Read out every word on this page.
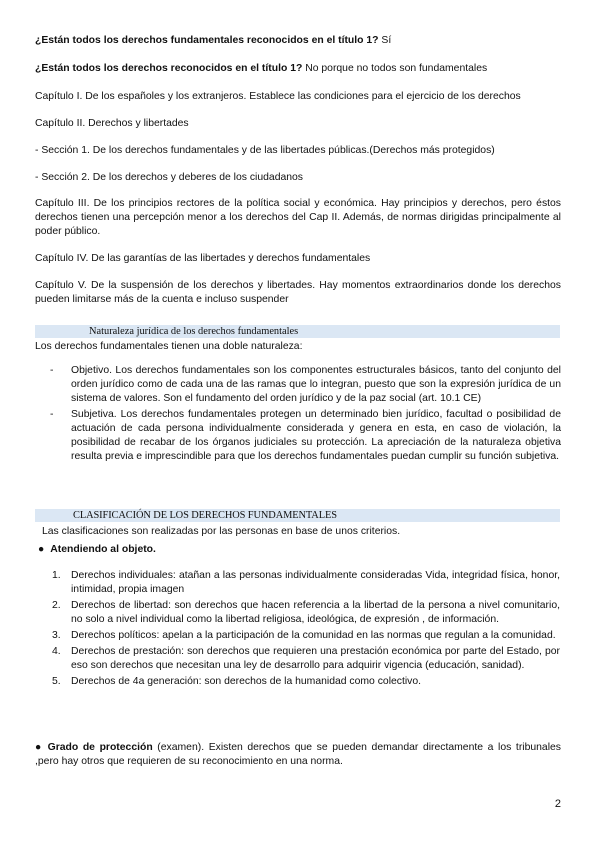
¿Están todos los derechos fundamentales reconocidos en el título 1? Sí

¿Están todos los derechos reconocidos en el título 1? No porque no todos son fundamentales

Capítulo I. De los españoles y los extranjeros. Establece las condiciones para el ejercicio de los derechos

Capítulo II. Derechos y libertades

- Sección 1. De los derechos fundamentales y de las libertades públicas.(Derechos más protegidos)

- Sección 2. De los derechos y deberes de los ciudadanos

Capítulo III. De los principios rectores de la política social y económica. Hay principios y derechos, pero éstos derechos tienen una percepción menor a los derechos del Cap II. Además, de normas dirigidas principalmente al poder público.

Capítulo IV. De las garantías de las libertades y derechos fundamentales

Capítulo V. De la suspensión de los derechos y libertades. Hay momentos extraordinarios donde los derechos pueden limitarse más de la cuenta e incluso suspender

Naturaleza jurídica de los derechos fundamentales

Los derechos fundamentales tienen una doble naturaleza:

- Objetivo. Los derechos fundamentales son los componentes estructurales básicos, tanto del conjunto del orden jurídico como de cada una de las ramas que lo integran, puesto que son la expresión jurídica de un sistema de valores. Son el fundamento del orden jurídico y de la paz social (art. 10.1 CE)
- Subjetiva. Los derechos fundamentales protegen un determinado bien jurídico, facultad o posibilidad de actuación de cada persona individualmente considerada y genera en esta, en caso de violación, la posibilidad de recabar de los órganos judiciales su protección. La apreciación de la naturaleza objetiva resulta previa e imprescindible para que los derechos fundamentales puedan cumplir su función subjetiva.
CLASIFICACIÓN DE LOS DERECHOS FUNDAMENTALES

Las clasificaciones son realizadas por las personas en base de unos criterios.

● Atendiendo al objeto.

1. Derechos individuales: atañan a las personas individualmente consideradas Vida, integridad física, honor, intimidad, propia imagen
2. Derechos de libertad: son derechos que hacen referencia a la libertad de la persona a nivel comunitario, no solo a nivel individual como la libertad religiosa, ideológica, de expresión , de información.
3. Derechos políticos: apelan a la participación de la comunidad en las normas que regulan a la comunidad.
4. Derechos de prestación: son derechos que requieren una prestación económica por parte del Estado, por eso son derechos que necesitan una ley de desarrollo para adquirir vigencia (educación, sanidad).
5. Derechos de 4a generación: son derechos de la humanidad como colectivo.

● Grado de protección (examen). Existen derechos que se pueden demandar directamente a los tribunales ,pero hay otros que requieren de su reconocimiento en una norma.

2
